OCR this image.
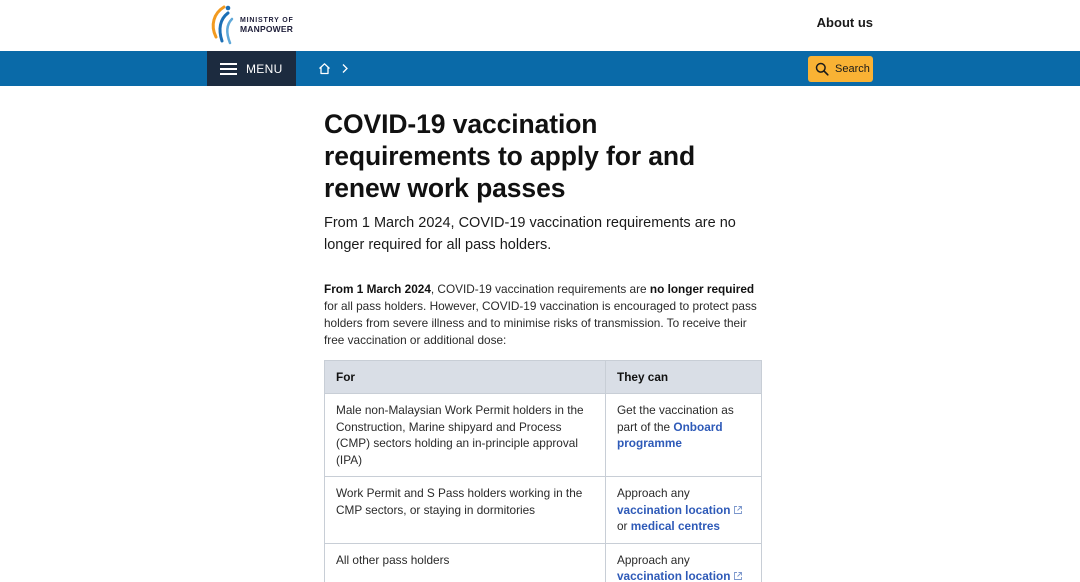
MINISTRY OF
MANPOWER	About us
MENU	Search
COVID-19 vaccination requirements to apply for and renew work passes

From 1 March 2024, COVID-19 vaccination requirements are no longer required for all pass holders.

From 1 March 2024, COVID-19 vaccination requirements are no longer required for all pass holders. However, COVID-19 vaccination is encouraged to protect pass holders from severe illness and to minimise risks of transmission. To receive their free vaccination or additional dose:

For	They can
Male non-Malaysian Work Permit holders in the Construction, Marine shipyard and Process (CMP) sectors holding an in-principle approval (IPA)	Get the vaccination as part of the Onboard programme
Work Permit and S Pass holders working in the CMP sectors, or staying in dormitories	Approach any
vaccination location
or medical centres
All other pass holders	Approach any
vaccination location
